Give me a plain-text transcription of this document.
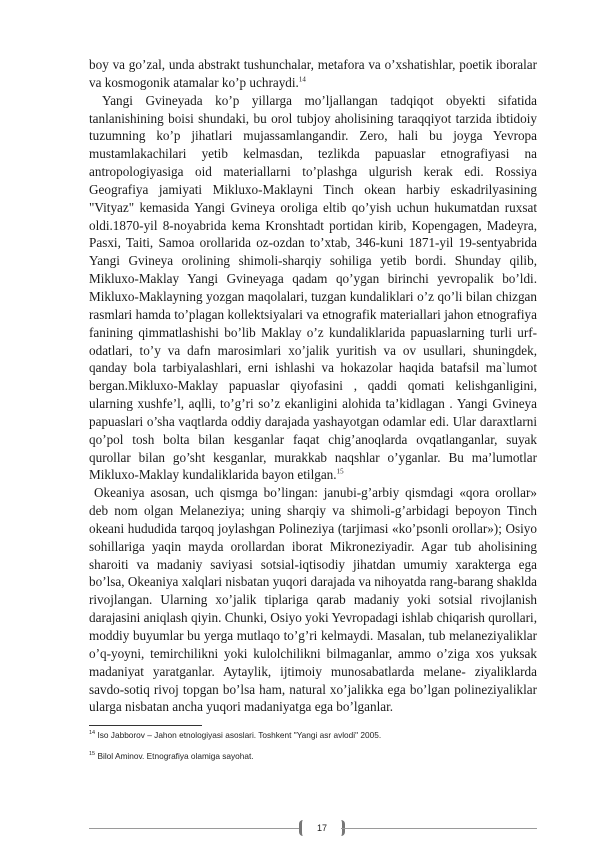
boy va go’zal, unda abstrakt tushunchalar, metafora va o’xshatishlar, poetik iboralar va kosmogonik atamalar ko’p uchraydi.$^{14}$

Yangi Gvineyada ko’p yillarga mo’ljallangan tadqiqot obyekti sifatida tanlanishining boisi shundaki, bu orol tubjoy aholisining taraqqiyot tarzida ibtidoiy tuzumning ko’p jihatlari mujassamlangandir. Zero, hali bu joyga Yevropa mustamlakachilari yetib kelmasdan, tezlikda papuaslar etnografiyasi na antropologiyasiga oid materiallarni to’plashga ulgurish kerak edi. Rossiya Geografiya jamiyati Mikluxo-Maklayni Tinch okean harbiy eskadrilyasining "Vityaz" kemasida Yangi Gvineya oroliga eltib qo’yish uchun hukumatdan ruxsat oldi.1870-yil 8-noyabrida kema Kronshtadt portidan kirib, Kopengagen, Madeyra, Pasxi, Taiti, Samoa orollarida oz-ozdan to’xtab, 346-kuni 1871-yil 19-sentyabrida Yangi Gvineya orolining shimoli-sharqiy sohiliga yetib bordi. Shunday qilib, Mikluxo-Maklay Yangi Gvineyaga qadam qo’ygan birinchi yevropalik bo’ldi. Mikluxo-Maklayning yozgan maqolalari, tuzgan kundaliklari o’z qo’li bilan chizgan rasmlari hamda to’plagan kollektsiyalari va etnografik materiallari jahon etnografiya fanining qimmatlashishi bo’lib Maklay o’z kundaliklarida papuaslarning turli urf-odatlari, to’y va dafn marosimlari xo’jalik yuritish va ov usullari, shuningdek, qanday bola tarbiyalashlari, erni ishlashi va hokazolar haqida batafsil ma`lumot bergan.Mikluxo-Maklay papuaslar qiyofasini , qaddi qomati kelishganligini, ularning xushfe’l, aqlli, to’g’ri so’z ekanligini alohida ta’kidlagan . Yangi Gvineya papuaslari o’sha vaqtlarda oddiy darajada yashayotgan odamlar edi. Ular daraxtlarni qo’pol tosh bolta bilan kesganlar faqat chig’anoqlarda ovqatlanganlar, suyak qurollar bilan go’sht kesganlar, murakkab naqshlar o’yganlar. Bu ma’lumotlar Mikluxo-Maklay kundaliklarida bayon etilgan.$^{15}$

Okeaniya asosan, uch qismga bo’lingan: janubi-g’arbiy qismdagi «qora orollar» deb nom olgan Melaneziya; uning sharqiy va shimoli-g’arbidagi bepoyon Tinch okeani hududida tarqoq joylashgan Polineziya (tarjimasi «ko’psonli orollar»); Osiyo sohillariga yaqin mayda orollardan iborat Mikroneziyadir. Agar tub aholisining sharoiti va madaniy saviyasi sotsial-iqtisodiy jihatdan umumiy xarakterga ega bo’lsa, Okeaniya xalqlari nisbatan yuqori darajada va nihoyatda rang-barang shaklda rivojlangan. Ularning xo’jalik tiplariga qarab madaniy yoki sotsial rivojlanish darajasini aniqlash qiyin. Chunki, Osiyo yoki Yevropadagi ishlab chiqarish qurollari, moddiy buyumlar bu yerga mutlaqo to’g’ri kelmaydi. Masalan, tub melaneziyaliklar o’q-yoyni, temirchilikni yoki kulolchilikni bilmaganlar, ammo o’ziga xos yuksak madaniyat yaratganlar. Aytaylik, ijtimoiy munosabatlarda melane- ziyaliklarda savdo-sotiq rivoj topgan bo’lsa ham, natural xo’jalikka ega bo’lgan polineziyaliklar ularga nisbatan ancha yuqori madaniyatga ega bo’lganlar.

$^{14}$ Iso Jabborov – Jahon etnologiyasi asoslari. Toshkent "Yangi asr avlodi" 2005.
$^{15}$ Bilol Aminov. Etnografiya olamiga sayohat.
17
